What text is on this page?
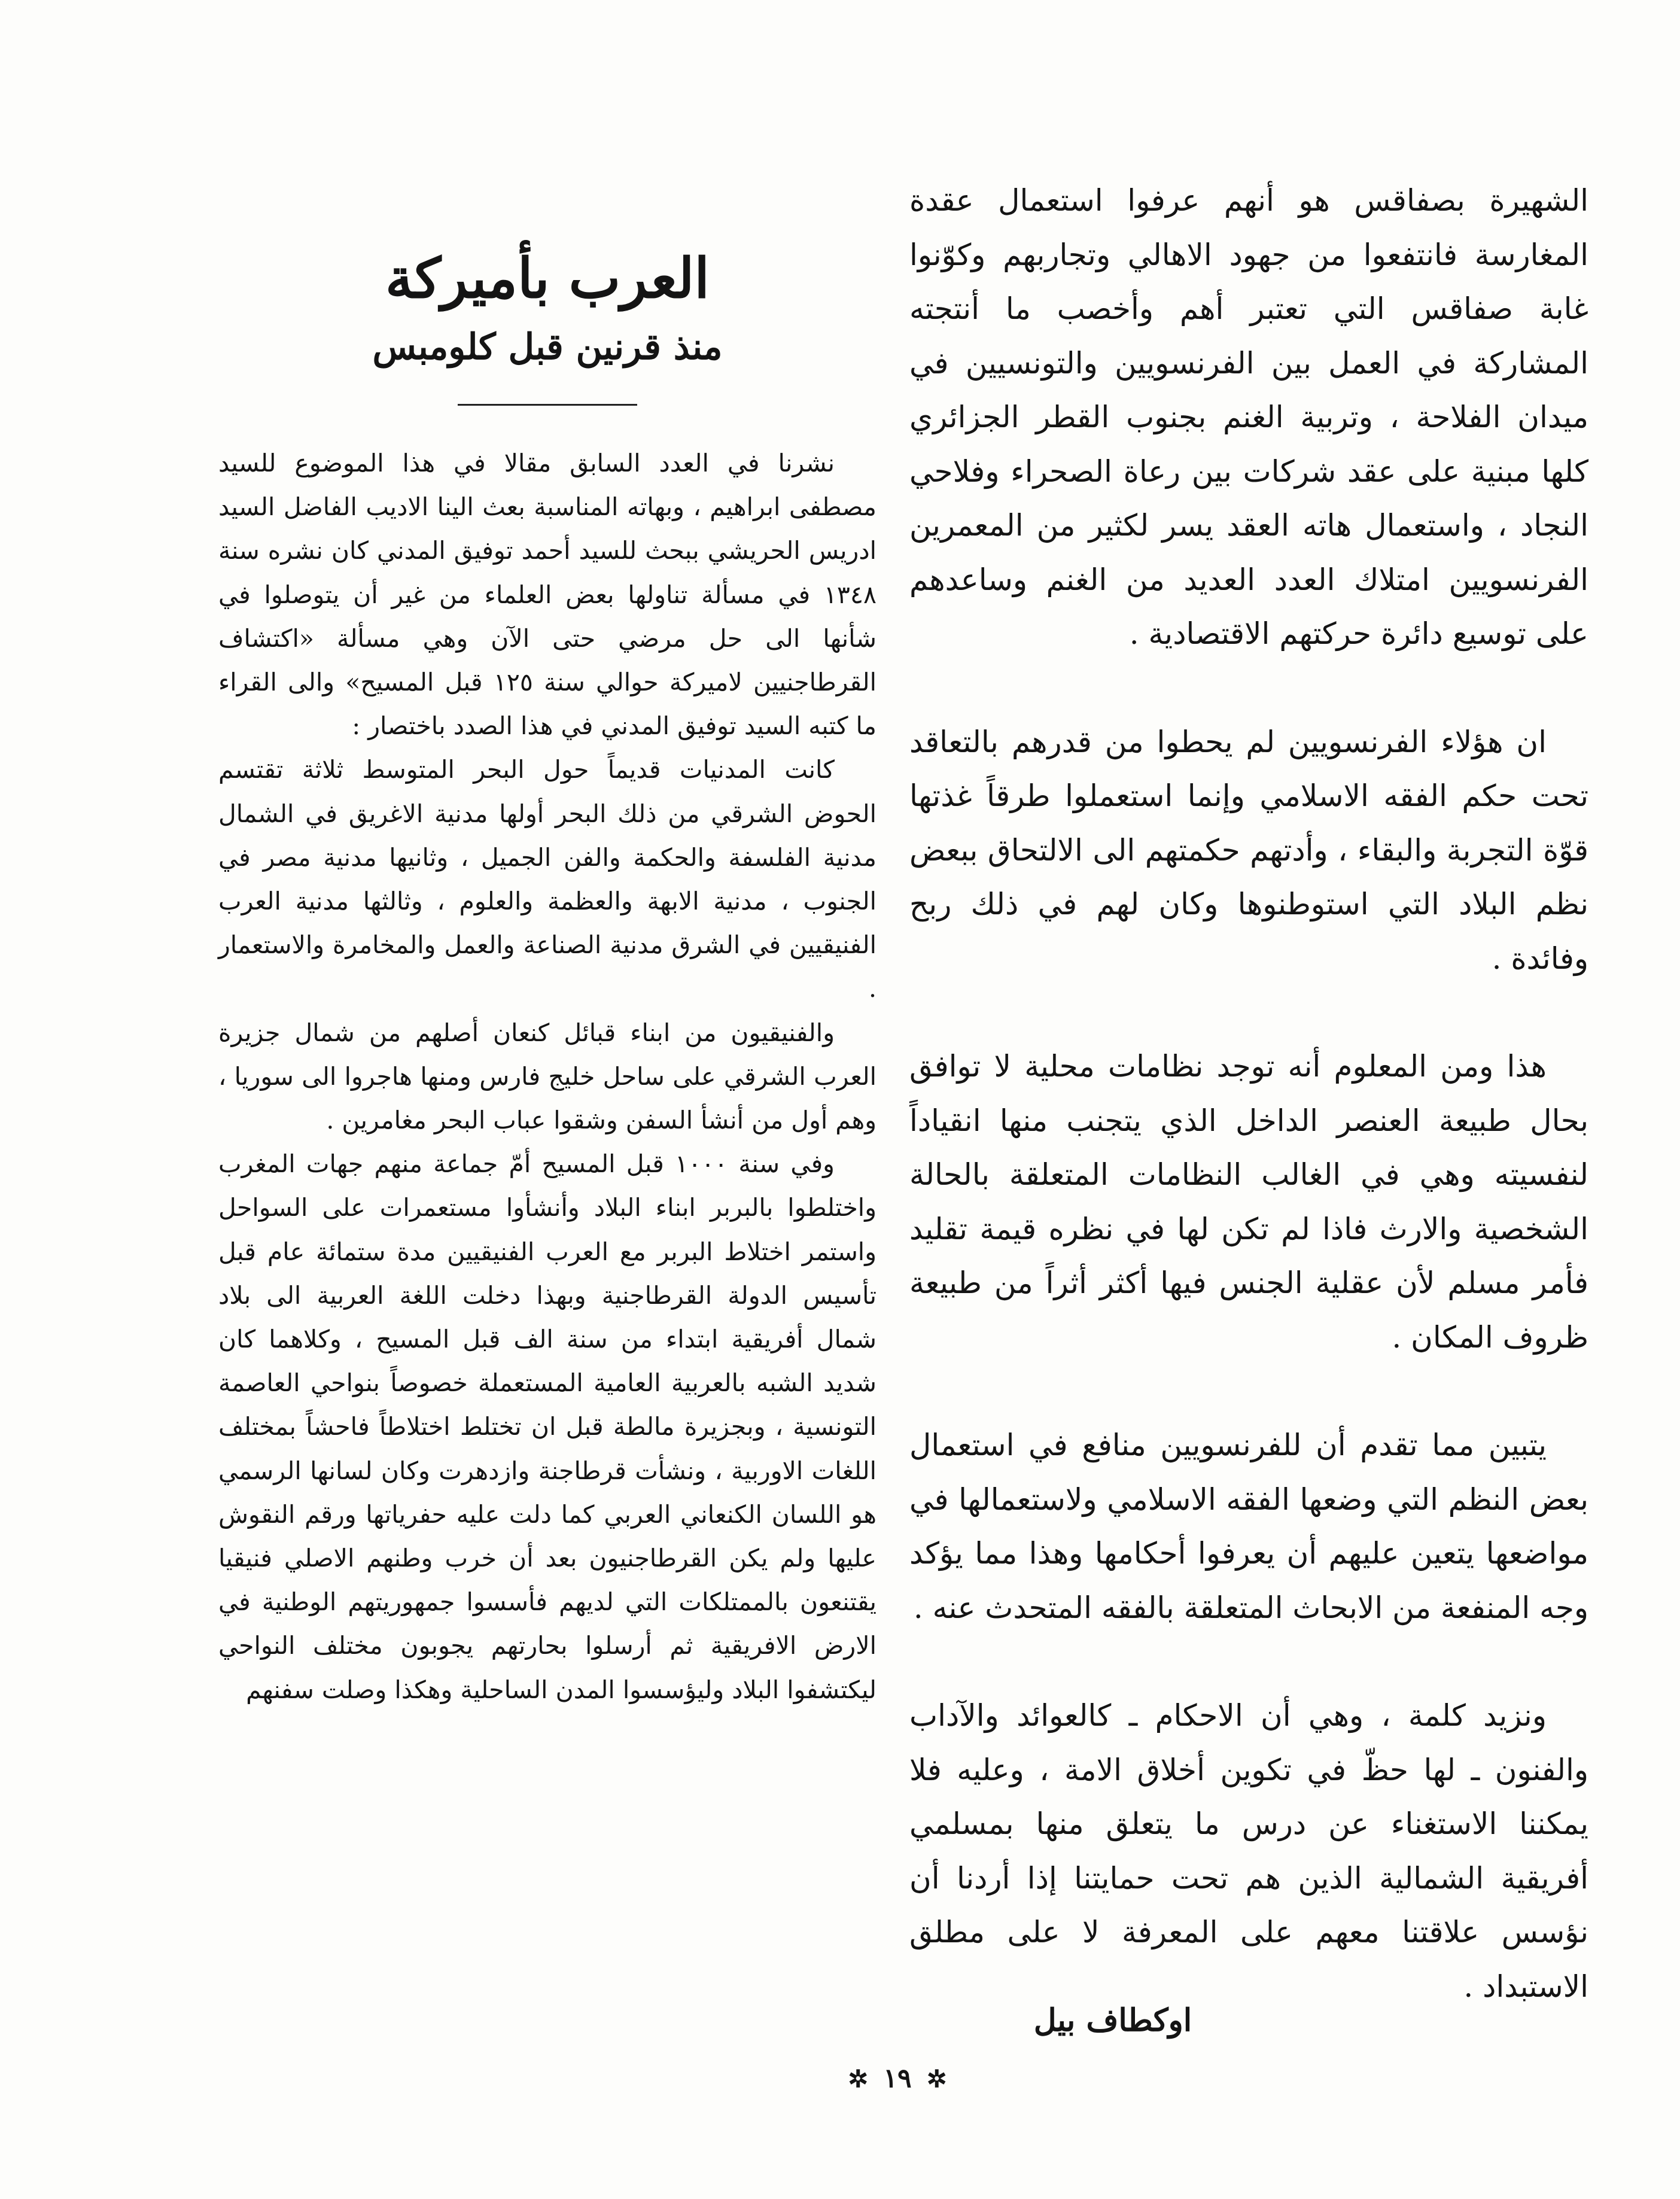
الشهيرة بصفاقس هو أنهم عرفوا استعمال عقدة المغارسة فانتفعوا من جهود الاهالي وتجاربهم وكوّنوا غابة صفاقس التي تعتبر أهم وأخصب ما أنتجته المشاركة في العمل بين الفرنسويين والتونسيين في ميدان الفلاحة ، وتربية الغنم بجنوب القطر الجزائري كلها مبنية على عقد شركات بين رعاة الصحراء وفلاحي النجاد ، واستعمال هاته العقد يسر لكثير من المعمرين الفرنسويين امتلاك العدد العديد من الغنم وساعدهم على توسيع دائرة حركتهم الاقتصادية .

ان هؤلاء الفرنسويين لم يحطوا من قدرهم بالتعاقد تحت حكم الفقه الاسلامي وإنما استعملوا طرقاً غذتها قوّة التجربة والبقاء ، وأدتهم حكمتهم الى الالتحاق ببعض نظم البلاد التي استوطنوها وكان لهم في ذلك ربح وفائدة .

هذا ومن المعلوم أنه توجد نظامات محلية لا توافق بحال طبيعة العنصر الداخل الذي يتجنب منها انقياداً لنفسيته وهي في الغالب النظامات المتعلقة بالحالة الشخصية والارث فاذا لم تكن لها في نظره قيمة تقليد فأمر مسلم لأن عقلية الجنس فيها أكثر أثراً من طبيعة ظروف المكان .

يتبين مما تقدم أن للفرنسويين منافع في استعمال بعض النظم التي وضعها الفقه الاسلامي ولاستعمالها في مواضعها يتعين عليهم أن يعرفوا أحكامها وهذا مما يؤكد وجه المنفعة من الابحاث المتعلقة بالفقه المتحدث عنه .

ونزيد كلمة ، وهي أن الاحكام ـ كالعوائد والآداب والفنون ـ لها حظّ في تكوين أخلاق الامة ، وعليه فلا يمكننا الاستغناء عن درس ما يتعلق منها بمسلمي أفريقية الشمالية الذين هم تحت حمايتنا إذا أردنا أن نؤسس علاقتنا معهم على المعرفة لا على مطلق الاستبداد .

اوكطاف بيل
العرب بأميركة
منذ قرنين قبل كلومبس

نشرنا في العدد السابق مقالا في هذا الموضوع للسيد مصطفى ابراهيم ، وبهاته المناسبة بعث الينا الاديب الفاضل السيد ادريس الحريشي ببحث للسيد أحمد توفيق المدني كان نشره سنة ١٣٤٨ في مسألة تناولها بعض العلماء من غير أن يتوصلوا في شأنها الى حل مرضي حتى الآن وهي مسألة «اكتشاف القرطاجنيين لاميركة حوالي سنة ١٢٥ قبل المسيح» والى القراء ما كتبه السيد توفيق المدني في هذا الصدد باختصار :

كانت المدنيات قديماً حول البحر المتوسط ثلاثة تقتسم الحوض الشرقي من ذلك البحر أولها مدنية الاغريق في الشمال مدنية الفلسفة والحكمة والفن الجميل ، وثانيها مدنية مصر في الجنوب ، مدنية الابهة والعظمة والعلوم ، وثالثها مدنية العرب الفنيقيين في الشرق مدنية الصناعة والعمل والمخامرة والاستعمار .

والفنيقيون من ابناء قبائل كنعان أصلهم من شمال جزيرة العرب الشرقي على ساحل خليج فارس ومنها هاجروا الى سوريا ، وهم أول من أنشأ السفن وشقوا عباب البحر مغامرين .

وفي سنة ١٠٠٠ قبل المسيح أمّ جماعة منهم جهات المغرب واختلطوا بالبربر ابناء البلاد وأنشأوا مستعمرات على السواحل واستمر اختلاط البربر مع العرب الفنيقيين مدة ستمائة عام قبل تأسيس الدولة القرطاجنية وبهذا دخلت اللغة العربية الى بلاد شمال أفريقية ابتداء من سنة الف قبل المسيح ، وكلاهما كان شديد الشبه بالعربية العامية المستعملة خصوصاً بنواحي العاصمة التونسية ، وبجزيرة مالطة قبل ان تختلط اختلاطاً فاحشاً بمختلف اللغات الاوربية ، ونشأت قرطاجنة وازدهرت وكان لسانها الرسمي هو اللسان الكنعاني العربي كما دلت عليه حفرياتها ورقم النقوش عليها ولم يكن القرطاجنيون بعد أن خرب وطنهم الاصلي فنيقيا يقتنعون بالممتلكات التي لديهم فأسسوا جمهوريتهم الوطنية في الارض الافريقية ثم أرسلوا بحارتهم يجوبون مختلف النواحي ليكتشفوا البلاد وليؤسسوا المدن الساحلية وهكذا وصلت سفنهم

✲ ١٩ ✲
